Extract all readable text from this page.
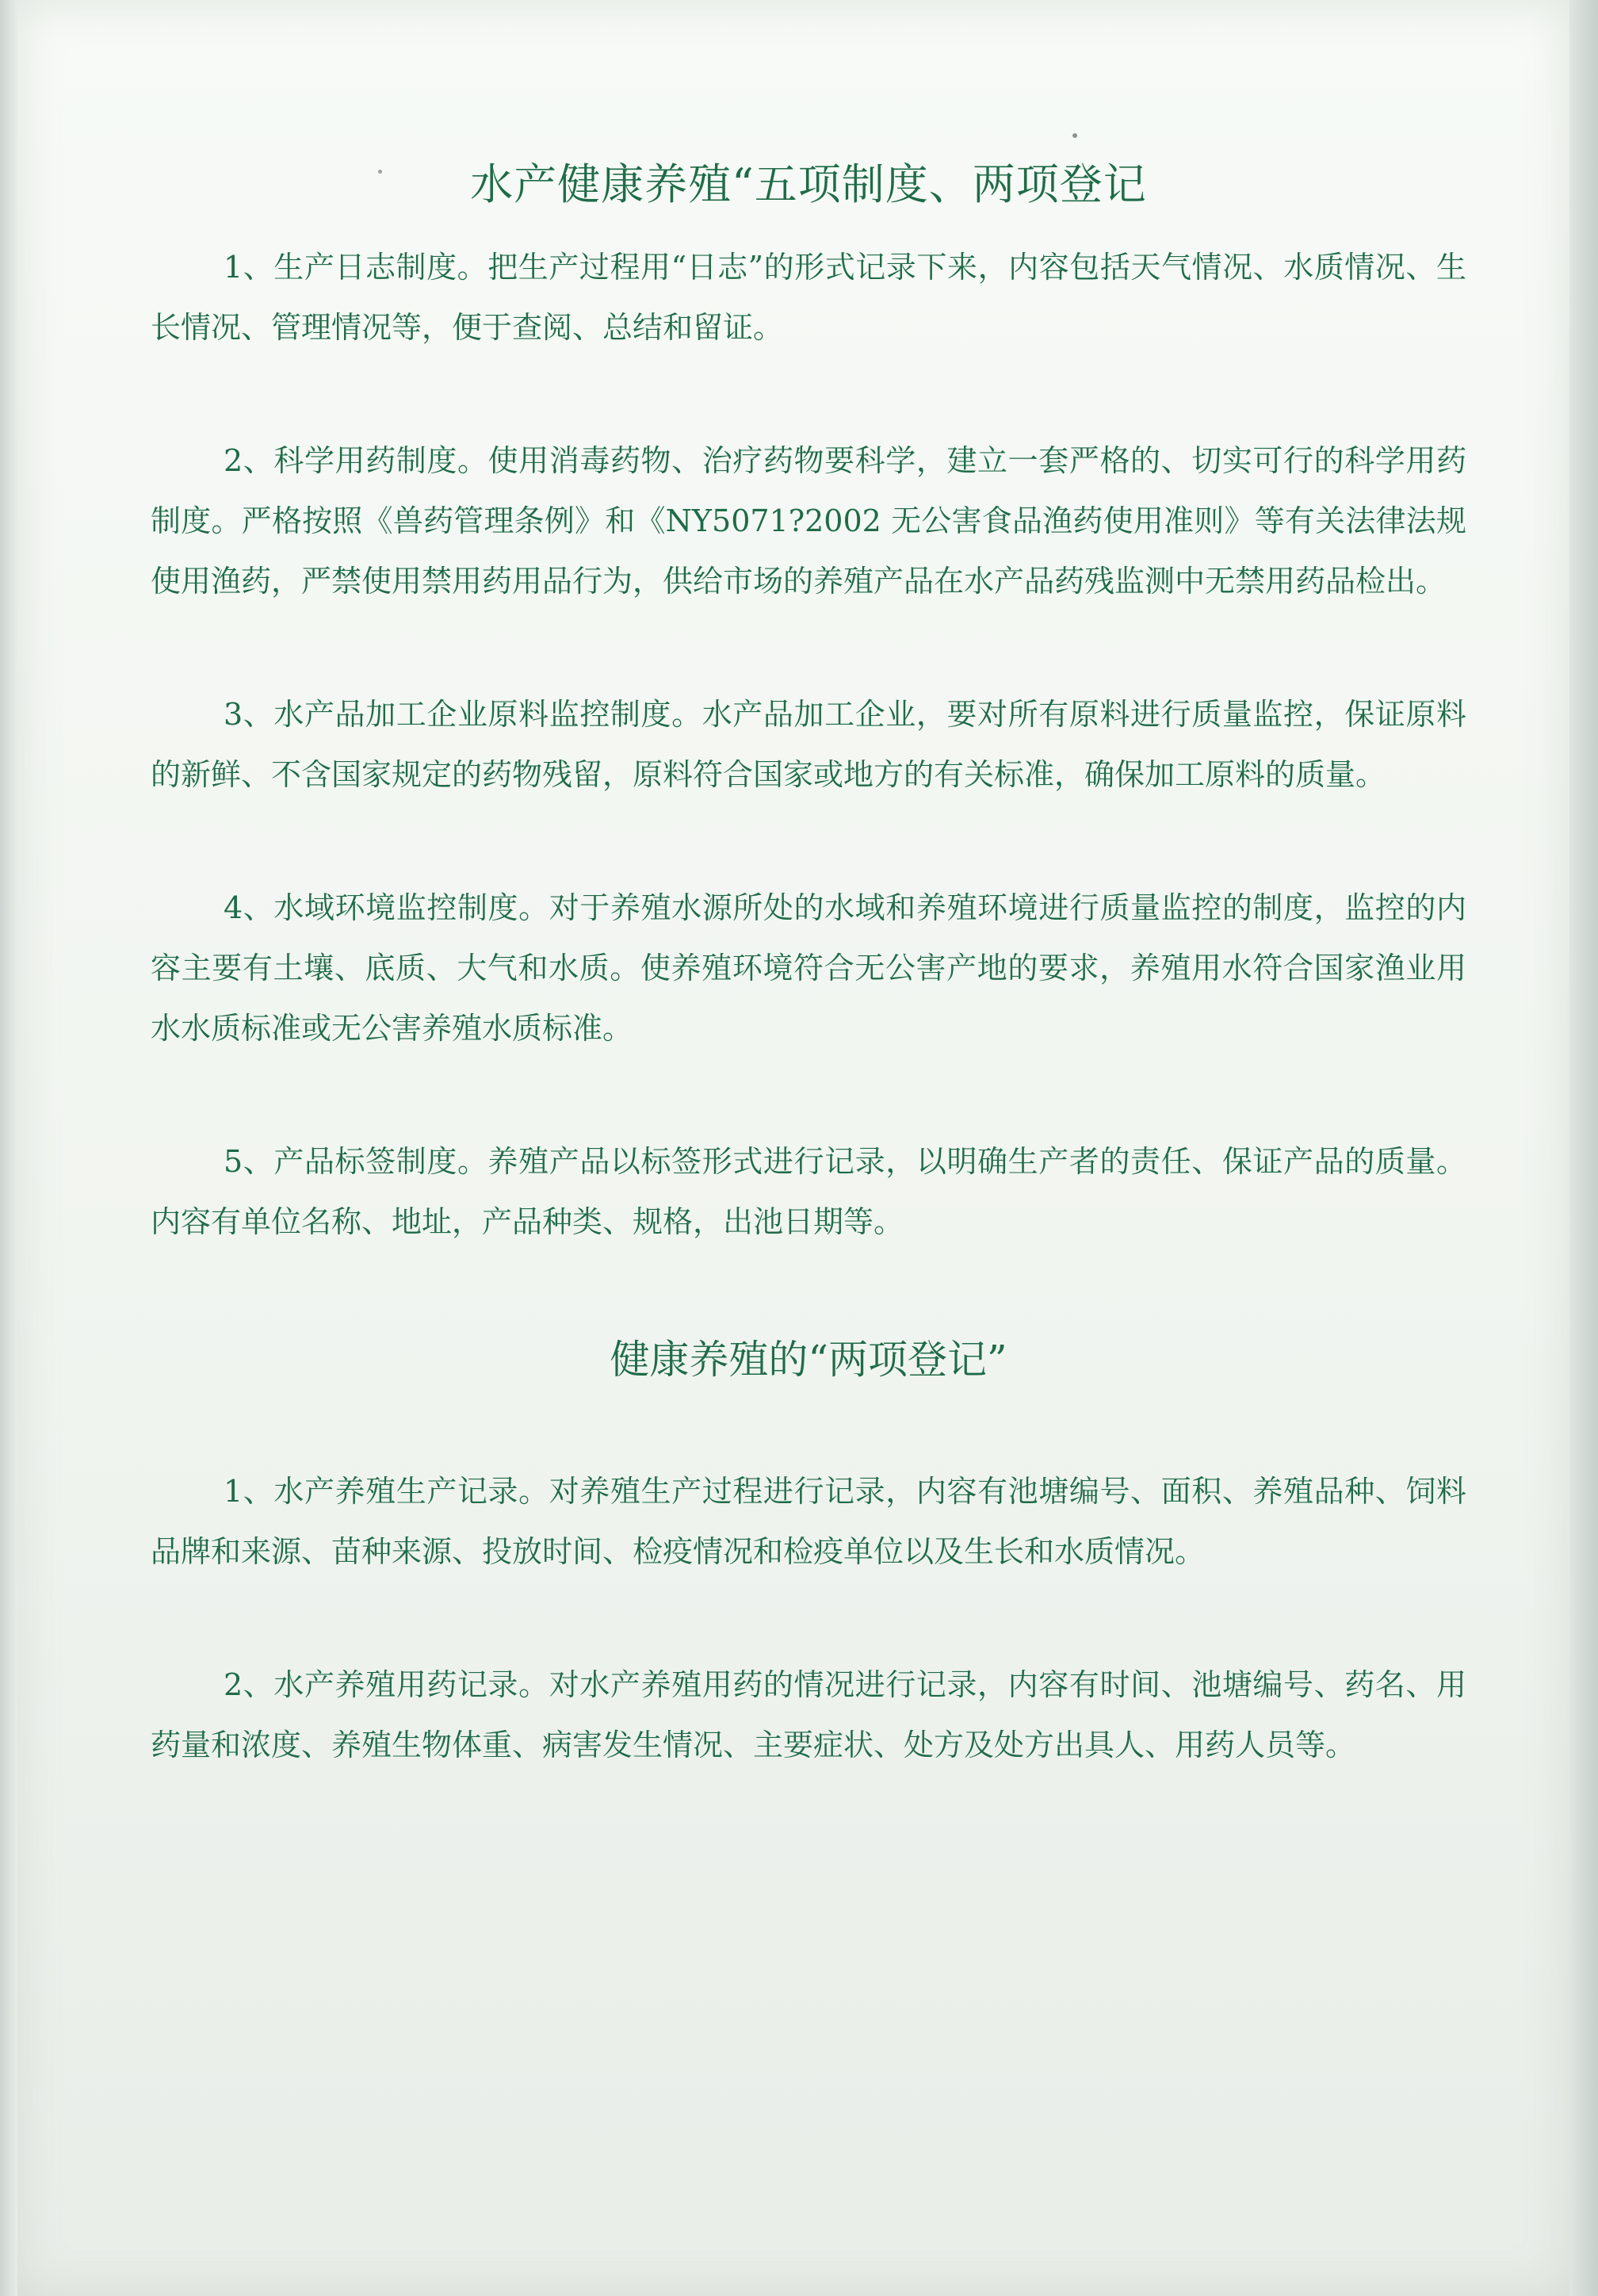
水产健康养殖“五项制度、两项登记

1、生产日志制度。把生产过程用“日志”的形式记录下来，内容包括天气情况、水质情况、生长情况、管理情况等，便于查阅、总结和留证。

2、科学用药制度。使用消毒药物、治疗药物要科学，建立一套严格的、切实可行的科学用药制度。严格按照《兽药管理条例》和《NY5071?2002 无公害食品渔药使用准则》等有关法律法规使用渔药，严禁使用禁用药用品行为，供给市场的养殖产品在水产品药残监测中无禁用药品检出。

3、水产品加工企业原料监控制度。水产品加工企业，要对所有原料进行质量监控，保证原料的新鲜、不含国家规定的药物残留，原料符合国家或地方的有关标准，确保加工原料的质量。

4、水域环境监控制度。对于养殖水源所处的水域和养殖环境进行质量监控的制度，监控的内容主要有土壤、底质、大气和水质。使养殖环境符合无公害产地的要求，养殖用水符合国家渔业用水水质标准或无公害养殖水质标准。

5、产品标签制度。养殖产品以标签形式进行记录，以明确生产者的责任、保证产品的质量。内容有单位名称、地址，产品种类、规格，出池日期等。

健康养殖的“两项登记”

1、水产养殖生产记录。对养殖生产过程进行记录，内容有池塘编号、面积、养殖品种、饲料品牌和来源、苗种来源、投放时间、检疫情况和检疫单位以及生长和水质情况。

2、水产养殖用药记录。对水产养殖用药的情况进行记录，内容有时间、池塘编号、药名、用药量和浓度、养殖生物体重、病害发生情况、主要症状、处方及处方出具人、用药人员等。
